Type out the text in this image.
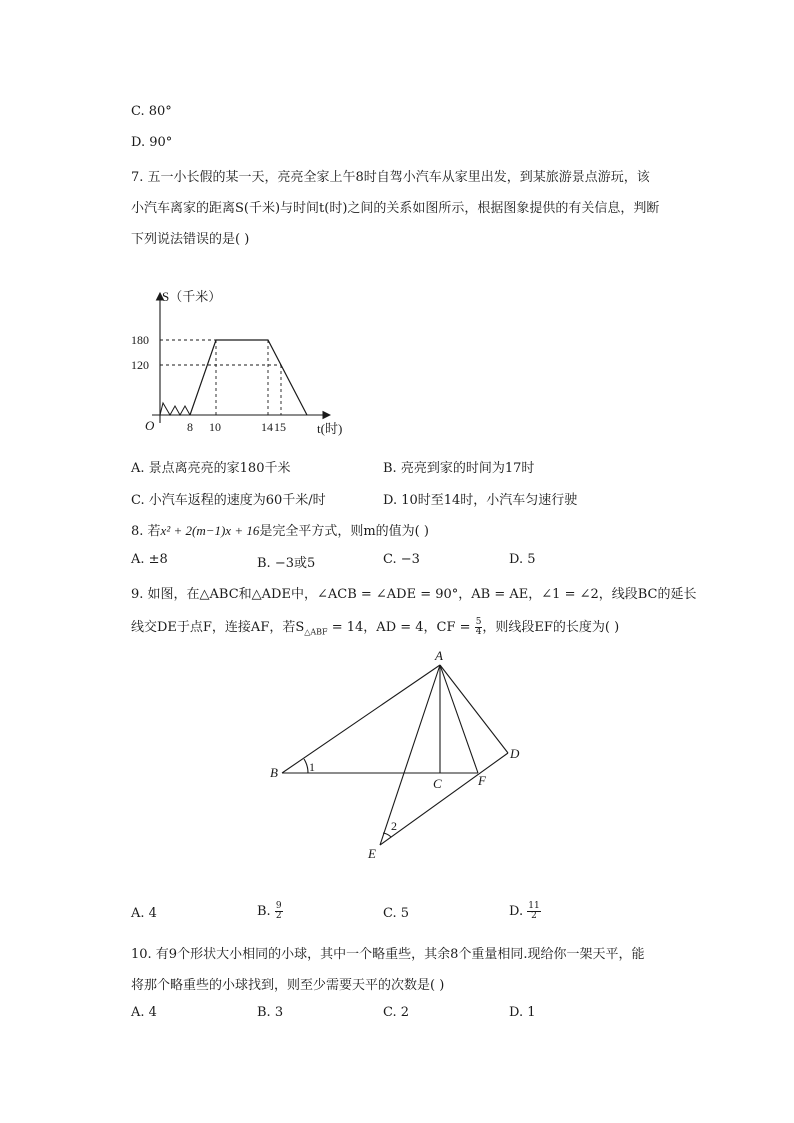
C. 80°
D. 90°
7. 五一小长假的某一天，亮亮全家上午8时自驾小汽车从家里出发，到某旅游景点游玩，该
小汽车离家的距离S(千米)与时间t(时)之间的关系如图所示，根据图象提供的有关信息，判断
下列说法错误的是( )
S（千米）
t(时)
O
180
120
8 10	14 15
A. 景点离亮亮的家180千米	B. 亮亮到家的时间为17时
C. 小汽车返程的速度为60千米/时	D. 10时至14时，小汽车匀速行驶
8. 若x² + 2(m−1)x + 16是完全平方式，则m的值为( )
A. ±8	B. −3或5	C. −3	D. 5
9. 如图，在△ABC和△ADE中，∠ACB = ∠ADE = 90°，AB = AE，∠1 = ∠2，线段BC的延长
线交DE于点F，连接AF，若$S_{\triangle ABF} = 14$，AD = 4，CF = $\frac{5}{4}$ ，则线段EF的长度为( )
A
B
C
D
E
F
1
2
A. 4	B. $\frac{9}{2}$	C. 5	D. $\frac{11}{2}$
10. 有9个形状大小相同的小球，其中一个略重些，其余8个重量相同.现给你一架天平，能
将那个略重些的小球找到，则至少需要天平的次数是( )
A. 4	B. 3	C. 2	D. 1
